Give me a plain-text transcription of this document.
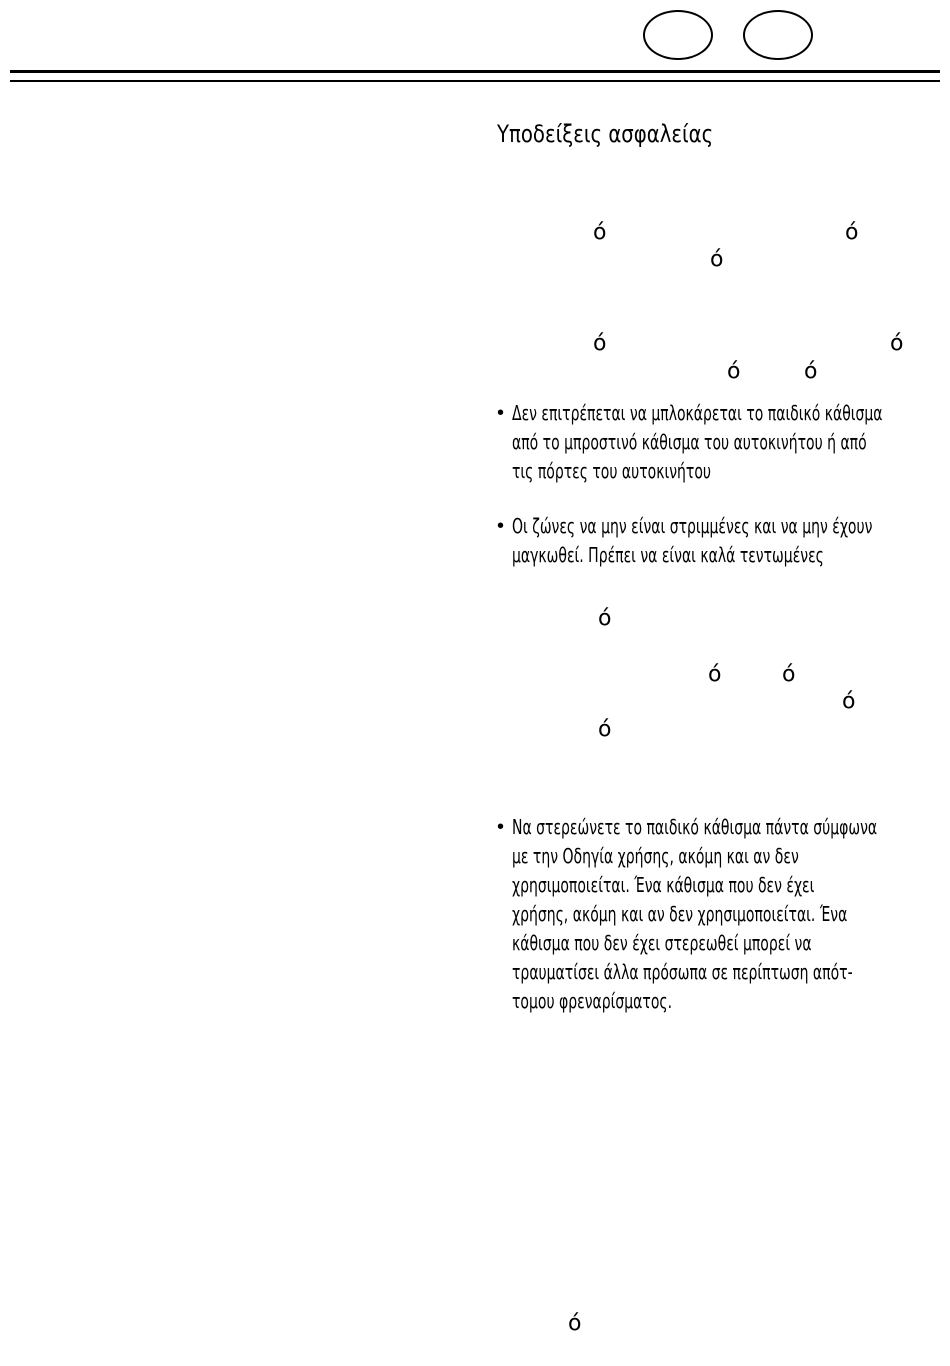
Υποδείξεις ασφαλείας
ό	ό
ό
ό	ό
ό	ό
• Δεν επιτρέπεται να μπλοκάρεται το παιδικό κάθισμα
από το μπροστινό κάθισμα του αυτοκινήτου ή από
τις πόρτες του αυτοκινήτου
• Οι ζώνες να μην είναι στριμμένες και να μην έχουν
μαγκωθεί. Πρέπει να είναι καλά τεντωμένες
ό
ό	ό
ό
ό
• Να στερεώνετε το παιδικό κάθισμα πάντα σύμφωνα
με την Οδηγία χρήσης, ακόμη και αν δεν
χρησιμοποιείται. Ένα κάθισμα που δεν έχει
χρήσης, ακόμη και αν δεν χρησιμοποιείται. Ένα
κάθισμα που δεν έχει στερεωθεί μπορεί να
τραυματίσει άλλα πρόσωπα σε περίπτωση απότ-
τομου φρεναρίσματος.
ό
